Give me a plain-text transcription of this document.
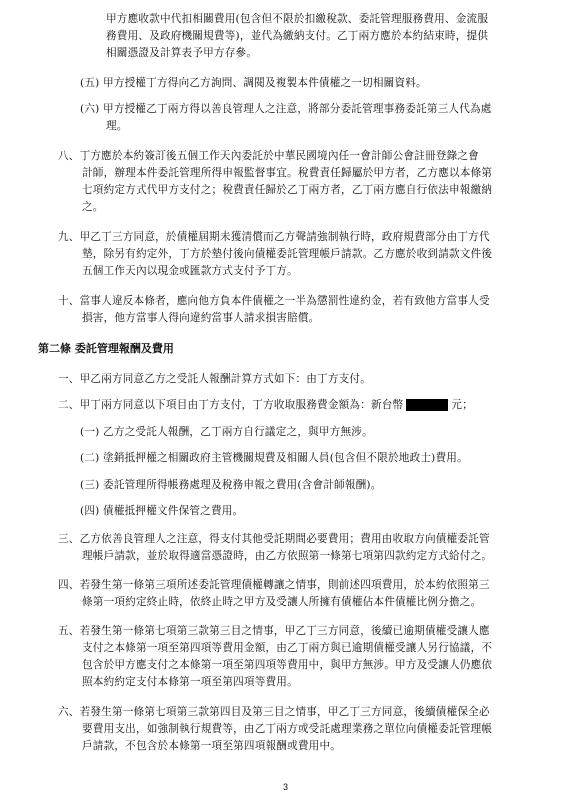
甲方應收款中代扣相關費用(包含但不限於扣繳稅款、委託管理服務費用、金流服
務費用、及政府機關規費等)，並代為繳納支付。乙丁兩方應於本約結束時，提供
相關憑證及計算表予甲方存參。
(五) 甲方授權丁方得向乙方詢問、調閱及複製本件債權之一切相關資料。
(六) 甲方授權乙丁兩方得以善良管理人之注意，將部分委託管理事務委託第三人代為處
理。
八、丁方應於本約簽訂後五個工作天內委託於中華民國境內任一會計師公會註冊登錄之會
計師，辦理本件委託管理所得申報監督事宜。稅費責任歸屬於甲方者，乙方應以本條第
七項約定方式代甲方支付之；稅費責任歸於乙丁兩方者，乙丁兩方應自行依法申報繳納
之。
九、甲乙丁三方同意，於債權屆期未獲清償而乙方聲請強制執行時，政府規費部分由丁方代
墊，除另有約定外，丁方於墊付後向債權委託管理帳戶請款。乙方應於收到請款文件後
五個工作天內以現金或匯款方式支付予丁方。
十、當事人違反本條者，應向他方負本件債權之一半為懲罰性違約金，若有致他方當事人受
損害，他方當事人得向違約當事人請求損害賠償。
第二條 委託管理報酬及費用
一、甲乙兩方同意乙方之受託人報酬計算方式如下：由丁方支付。
二、甲丁兩方同意以下項目由丁方支付，丁方收取服務費金額為：新台幣	元；
(一) 乙方之受託人報酬，乙丁兩方自行議定之，與甲方無涉。
(二) 塗銷抵押權之相關政府主管機關規費及相關人員(包含但不限於地政士)費用。
(三) 委託管理所得帳務處理及稅務申報之費用(含會計師報酬)。
(四) 債權抵押權文件保管之費用。
三、乙方依善良管理人之注意，得支付其他受託期間必要費用；費用由收取方向債權委託管
理帳戶請款，並於取得適當憑證時，由乙方依照第一條第七項第四款約定方式給付之。
四、若發生第一條第三項所述委託管理債權轉讓之情事，則前述四項費用，於本約依照第三
條第一項約定終止時，依終止時之甲方及受讓人所擁有債權佔本件債權比例分擔之。
五、若發生第一條第七項第三款第三目之情事，甲乙丁三方同意，後續已逾期債權受讓人應
支付之本條第一項至第四項等費用金額，由乙丁兩方與已逾期債權受讓人另行協議，不
包含於甲方應支付之本條第一項至第四項等費用中，與甲方無涉。甲方及受讓人仍應依
照本約約定支付本條第一項至第四項等費用。
六、若發生第一條第七項第三款第四目及第三目之情事，甲乙丁三方同意，後續債權保全必
要費用支出，如強制執行規費等，由乙丁兩方或受託處理業務之單位向債權委託管理帳
戶請款，不包含於本條第一項至第四項報酬或費用中。
3
